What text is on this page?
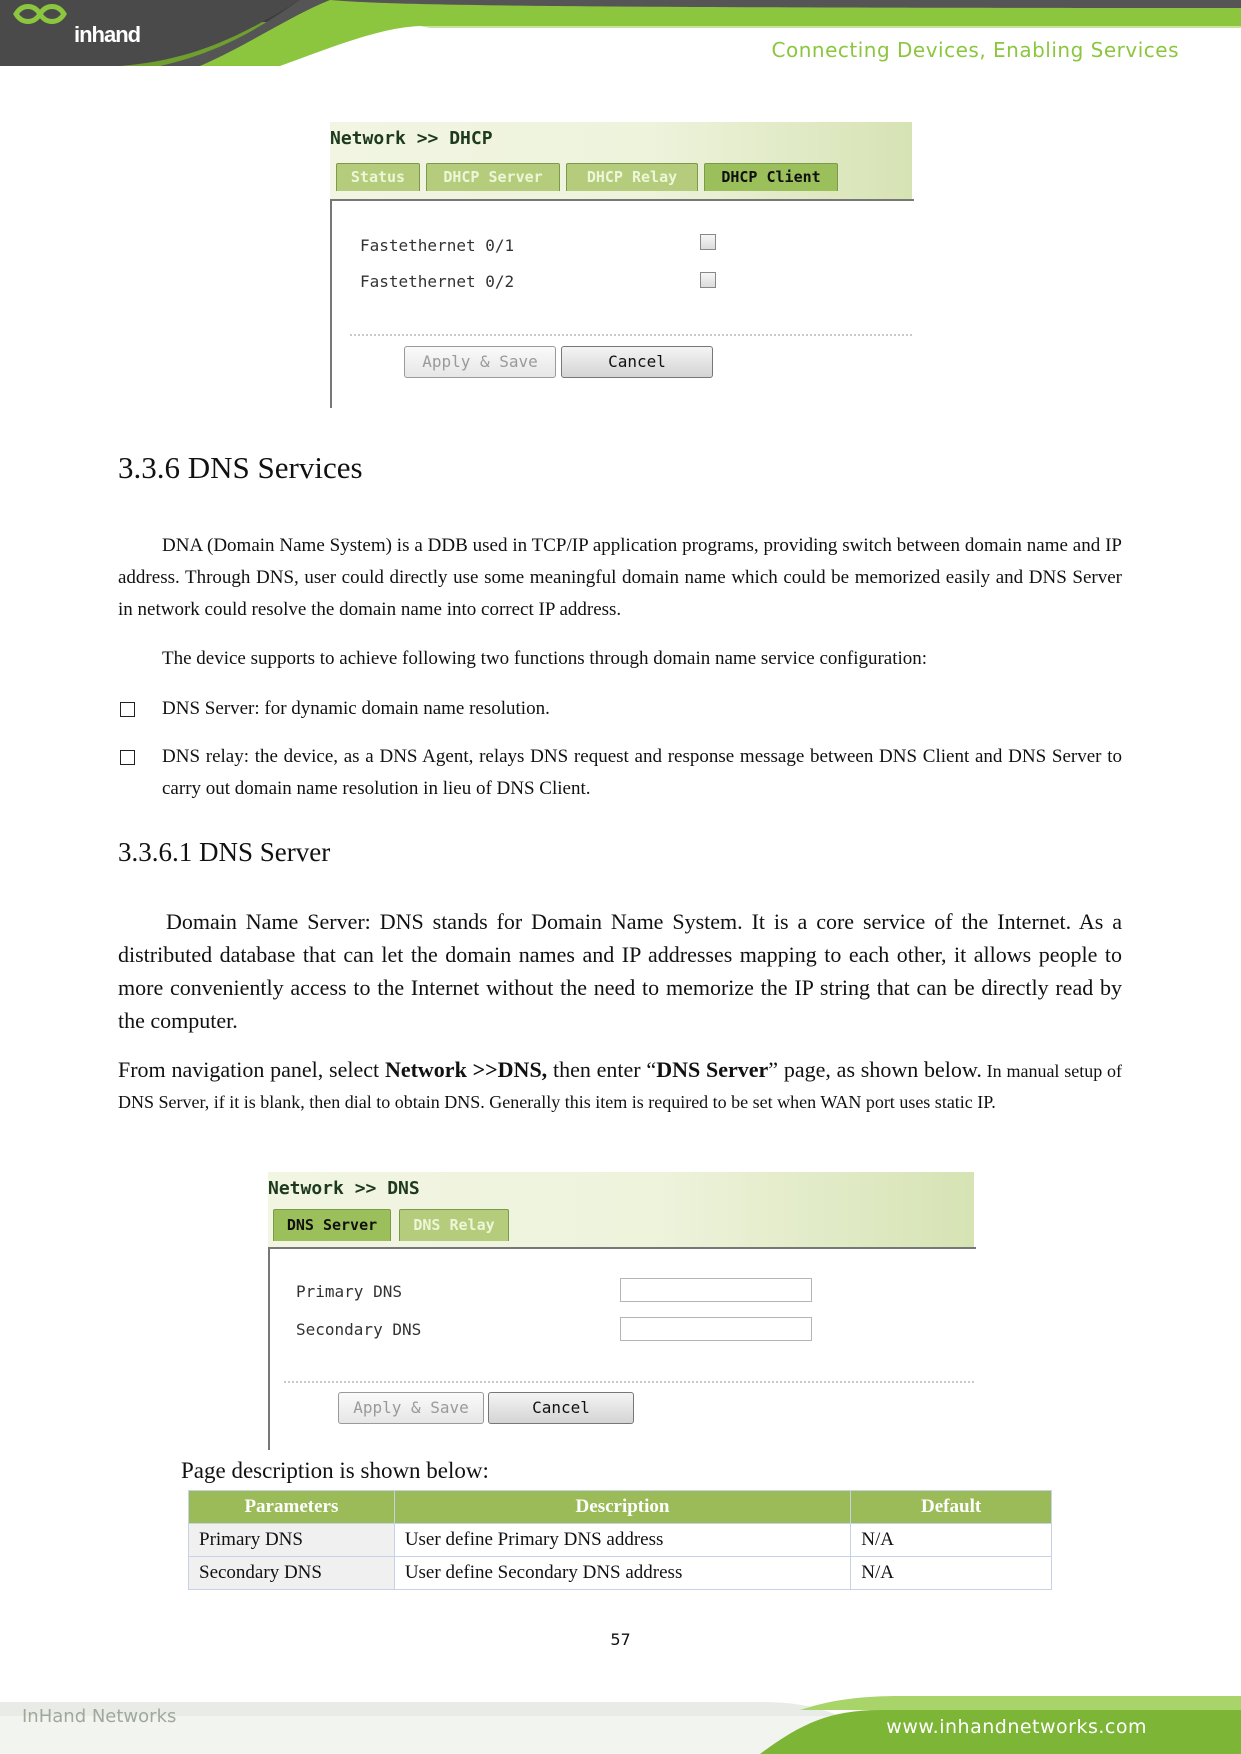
inhand
Connecting Devices, Enabling Services
Network >> DHCP
Status	DHCP Server	DHCP Relay	DHCP Client
Fastethernet 0/1
Fastethernet 0/2
Apply & Save	Cancel
3.3.6 DNS Services

DNA (Domain Name System) is a DDB used in TCP/IP application programs, providing switch between domain name and IP address. Through DNS, user could directly use some meaningful domain name which could be memorized easily and DNS Server in network could resolve the domain name into correct IP address.

The device supports to achieve following two functions through domain name service configuration:

DNS Server: for dynamic domain name resolution.
DNS relay: the device, as a DNS Agent, relays DNS request and response message between DNS Client and DNS Server to carry out domain name resolution in lieu of DNS Client.
3.3.6.1 DNS Server

Domain Name Server: DNS stands for Domain Name System. It is a core service of the Internet. As a distributed database that can let the domain names and IP addresses mapping to each other, it allows people to more conveniently access to the Internet without the need to memorize the IP string that can be directly read by the computer.

From navigation panel, select Network >>DNS, then enter “DNS Server” page, as shown below. In manual setup of DNS Server, if it is blank, then dial to obtain DNS. Generally this item is required to be set when WAN port uses static IP.

Network >> DNS
DNS Server	DNS Relay
Primary DNS
Secondary DNS
Apply & Save	Cancel
Page description is shown below:
Parameters	Description	Default
Primary DNS	User define Primary DNS address	N/A
Secondary DNS	User define Secondary DNS address	N/A
57
InHand Networks	www.inhandnetworks.com
